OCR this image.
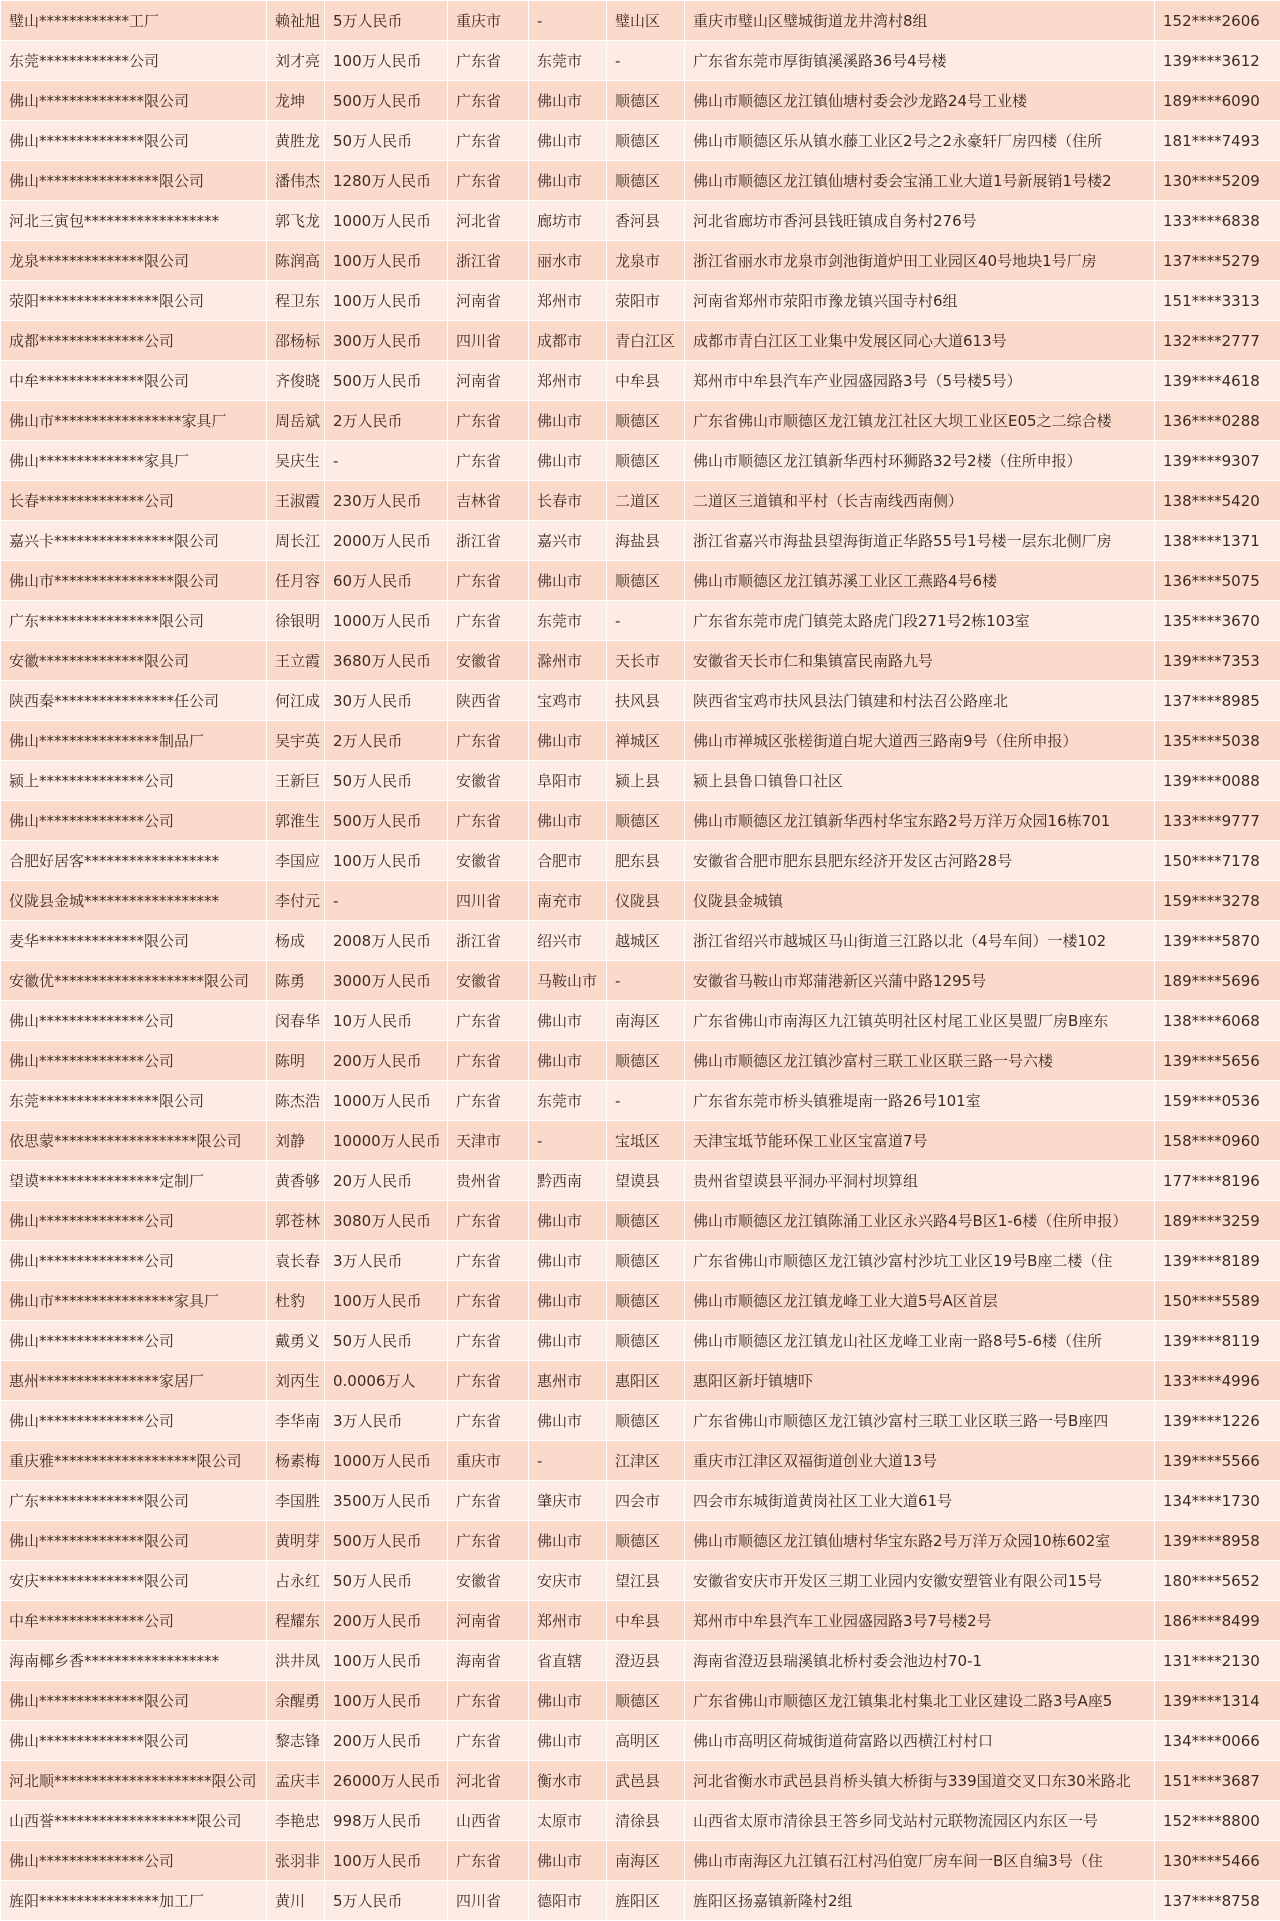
璧山************工厂	赖祉旭	5万人民币	重庆市	-	璧山区	重庆市璧山区璧城街道龙井湾村8组	152****2606
东莞************公司	刘才亮	100万人民币	广东省	东莞市	-	广东省东莞市厚街镇溪溪路36号4号楼	139****3612
佛山**************限公司	龙坤	500万人民币	广东省	佛山市	顺德区	佛山市顺德区龙江镇仙塘村委会沙龙路24号工业楼	189****6090
佛山**************限公司	黄胜龙	50万人民币	广东省	佛山市	顺德区	佛山市顺德区乐从镇水藤工业区2号之2永豪轩厂房四楼（住所	181****7493
佛山****************限公司	潘伟杰	1280万人民币	广东省	佛山市	顺德区	佛山市顺德区龙江镇仙塘村委会宝涌工业大道1号新展销1号楼2	130****5209
河北三寅包******************	郭飞龙	1000万人民币	河北省	廊坊市	香河县	河北省廊坊市香河县钱旺镇成自务村276号	133****6838
龙泉**************限公司	陈润高	100万人民币	浙江省	丽水市	龙泉市	浙江省丽水市龙泉市剑池街道炉田工业园区40号地块1号厂房	137****5279
荥阳****************限公司	程卫东	100万人民币	河南省	郑州市	荥阳市	河南省郑州市荥阳市豫龙镇兴国寺村6组	151****3313
成都**************公司	邵杨标	300万人民币	四川省	成都市	青白江区	成都市青白江区工业集中发展区同心大道613号	132****2777
中牟**************限公司	齐俊晓	500万人民币	河南省	郑州市	中牟县	郑州市中牟县汽车产业园盛园路3号（5号楼5号）	139****4618
佛山市*****************家具厂	周岳斌	2万人民币	广东省	佛山市	顺德区	广东省佛山市顺德区龙江镇龙江社区大坝工业区E05之二综合楼	136****0288
佛山**************家具厂	吴庆生	-	广东省	佛山市	顺德区	佛山市顺德区龙江镇新华西村环狮路32号2楼（住所申报）	139****9307
长春**************公司	王淑霞	230万人民币	吉林省	长春市	二道区	二道区三道镇和平村（长吉南线西南侧）	138****5420
嘉兴卡****************限公司	周长江	2000万人民币	浙江省	嘉兴市	海盐县	浙江省嘉兴市海盐县望海街道正华路55号1号楼一层东北侧厂房	138****1371
佛山市****************限公司	任月容	60万人民币	广东省	佛山市	顺德区	佛山市顺德区龙江镇苏溪工业区工燕路4号6楼	136****5075
广东****************限公司	徐银明	1000万人民币	广东省	东莞市	-	广东省东莞市虎门镇莞太路虎门段271号2栋103室	135****3670
安徽**************限公司	王立霞	3680万人民币	安徽省	滁州市	天长市	安徽省天长市仁和集镇富民南路九号	139****7353
陕西秦****************任公司	何江成	30万人民币	陕西省	宝鸡市	扶风县	陕西省宝鸡市扶风县法门镇建和村法召公路座北	137****8985
佛山****************制品厂	吴宇英	2万人民币	广东省	佛山市	禅城区	佛山市禅城区张槎街道白坭大道西三路南9号（住所申报）	135****5038
颍上**************公司	王新巨	50万人民币	安徽省	阜阳市	颍上县	颍上县鲁口镇鲁口社区	139****0088
佛山**************公司	郭淮生	500万人民币	广东省	佛山市	顺德区	佛山市顺德区龙江镇新华西村华宝东路2号万洋万众园16栋701	133****9777
合肥好居客******************	李国应	100万人民币	安徽省	合肥市	肥东县	安徽省合肥市肥东县肥东经济开发区古河路28号	150****7178
仪陇县金城******************	李付元	-	四川省	南充市	仪陇县	仪陇县金城镇	159****3278
麦华**************限公司	杨成	2008万人民币	浙江省	绍兴市	越城区	浙江省绍兴市越城区马山街道三江路以北（4号车间）一楼102	139****5870
安徽优********************限公司	陈勇	3000万人民币	安徽省	马鞍山市	-	安徽省马鞍山市郑蒲港新区兴蒲中路1295号	189****5696
佛山**************公司	闵春华	10万人民币	广东省	佛山市	南海区	广东省佛山市南海区九江镇英明社区村尾工业区昊盟厂房B座东	138****6068
佛山**************公司	陈明	200万人民币	广东省	佛山市	顺德区	佛山市顺德区龙江镇沙富村三联工业区联三路一号六楼	139****5656
东莞****************限公司	陈杰浩	1000万人民币	广东省	东莞市	-	广东省东莞市桥头镇雅堤南一路26号101室	159****0536
依思蒙*******************限公司	刘静	10000万人民币	天津市	-	宝坻区	天津宝坻节能环保工业区宝富道7号	158****0960
望谟****************定制厂	黄香够	20万人民币	贵州省	黔西南	望谟县	贵州省望谟县平洞办平洞村坝算组	177****8196
佛山**************公司	郭苍林	3080万人民币	广东省	佛山市	顺德区	佛山市顺德区龙江镇陈涌工业区永兴路4号B区1-6楼（住所申报）	189****3259
佛山**************公司	袁长春	3万人民币	广东省	佛山市	顺德区	广东省佛山市顺德区龙江镇沙富村沙坑工业区19号B座二楼（住	139****8189
佛山市****************家具厂	杜豹	100万人民币	广东省	佛山市	顺德区	佛山市顺德区龙江镇龙峰工业大道5号A区首层	150****5589
佛山**************公司	戴勇义	50万人民币	广东省	佛山市	顺德区	佛山市顺德区龙江镇龙山社区龙峰工业南一路8号5-6楼（住所	139****8119
惠州****************家居厂	刘丙生	0.0006万人	广东省	惠州市	惠阳区	惠阳区新圩镇塘吓	133****4996
佛山**************公司	李华南	3万人民币	广东省	佛山市	顺德区	广东省佛山市顺德区龙江镇沙富村三联工业区联三路一号B座四	139****1226
重庆雅*******************限公司	杨素梅	1000万人民币	重庆市	-	江津区	重庆市江津区双福街道创业大道13号	139****5566
广东**************限公司	李国胜	3500万人民币	广东省	肇庆市	四会市	四会市东城街道黄岗社区工业大道61号	134****1730
佛山**************限公司	黄明芽	500万人民币	广东省	佛山市	顺德区	佛山市顺德区龙江镇仙塘村华宝东路2号万洋万众园10栋602室	139****8958
安庆**************限公司	占永红	50万人民币	安徽省	安庆市	望江县	安徽省安庆市开发区三期工业园内安徽安塑管业有限公司15号	180****5652
中牟**************公司	程耀东	200万人民币	河南省	郑州市	中牟县	郑州市中牟县汽车工业园盛园路3号7号楼2号	186****8499
海南椰乡香******************	洪井凤	100万人民币	海南省	省直辖	澄迈县	海南省澄迈县瑞溪镇北桥村委会池边村70-1	131****2130
佛山**************限公司	余醒勇	100万人民币	广东省	佛山市	顺德区	广东省佛山市顺德区龙江镇集北村集北工业区建设二路3号A座5	139****1314
佛山**************限公司	黎志锋	200万人民币	广东省	佛山市	高明区	佛山市高明区荷城街道荷富路以西横江村村口	134****0066
河北顺*********************限公司	孟庆丰	26000万人民币	河北省	衡水市	武邑县	河北省衡水市武邑县肖桥头镇大桥街与339国道交叉口东30米路北	151****3687
山西誉*******************限公司	李艳忠	998万人民币	山西省	太原市	清徐县	山西省太原市清徐县王答乡同戈站村元联物流园区内东区一号	152****8800
佛山**************公司	张羽非	100万人民币	广东省	佛山市	南海区	佛山市南海区九江镇石江村冯伯宽厂房车间一B区自编3号（住	130****5466
旌阳****************加工厂	黄川	5万人民币	四川省	德阳市	旌阳区	旌阳区扬嘉镇新隆村2组	137****8758
